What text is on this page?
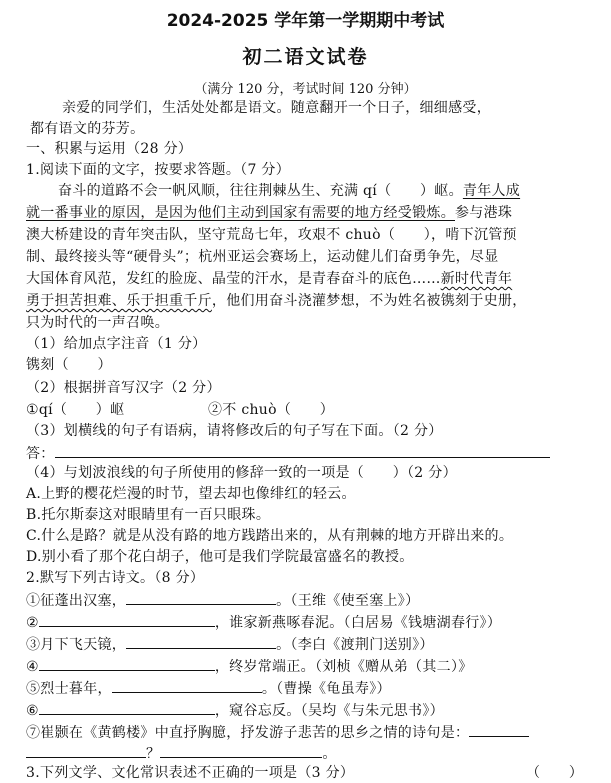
2024-2025 学年第一学期期中考试
初二语文试卷
（满分 120 分，考试时间 120 分钟）
亲爱的同学们，生活处处都是语文。随意翻开一个日子，细细感受，
都有语文的芬芳。
一、积累与运用（28 分）
1.阅读下面的文字，按要求答题。（7 分）
奋斗的道路不会一帆风顺，往往荆棘丛生、充满 qí（　　）岖。青年人成
就一番事业的原因，是因为他们主动到国家有需要的地方经受锻炼。参与港珠
澳大桥建设的青年突击队，坚守荒岛七年，攻艰不 chuò（　　），啃下沉管预
制、最终接头等“硬骨头”；杭州亚运会赛场上，运动健儿们奋勇争先，尽显
大国体育风范，发红的脸庞、晶莹的汗水，是青春奋斗的底色……新时代青年
勇于担苦担难、乐于担重千斤，他们用奋斗浇灌梦想，不为姓名被镌刻于史册，
只为时代的一声召唤。
（1）给加点字注音（1 分）
镌刻（　　）
（2）根据拼音写汉字（2 分）
①qí（　　）岖	②不 chuò（　　）
（3）划横线的句子有语病，请将修改后的句子写在下面。（2 分）
答：
（4）与划波浪线的句子所使用的修辞一致的一项是（　　）（2 分）
A.上野的樱花烂漫的时节，望去却也像绯红的轻云。
B.托尔斯泰这对眼睛里有一百只眼珠。
C.什么是路？就是从没有路的地方践踏出来的，从有荆棘的地方开辟出来的。
D.别小看了那个花白胡子，他可是我们学院最富盛名的教授。
2.默写下列古诗文。（8 分）
①征蓬出汉塞，	。（王维《使至塞上》）
②	，谁家新燕啄春泥。（白居易《钱塘湖春行》）
③月下飞天镜，	。（李白《渡荆门送别》）
④	，终岁常端正。（刘桢《赠从弟（其二）》
⑤烈士暮年，	。（曹操《龟虽寿》）
⑥	，窥谷忘反。（吴均《与朱元思书》）
⑦崔颢在《黄鹤楼》中直抒胸臆，抒发游子悲苦的思乡之情的诗句是：
？	。
3.下列文学、文化常识表述不正确的一项是（3 分）	（　　）
